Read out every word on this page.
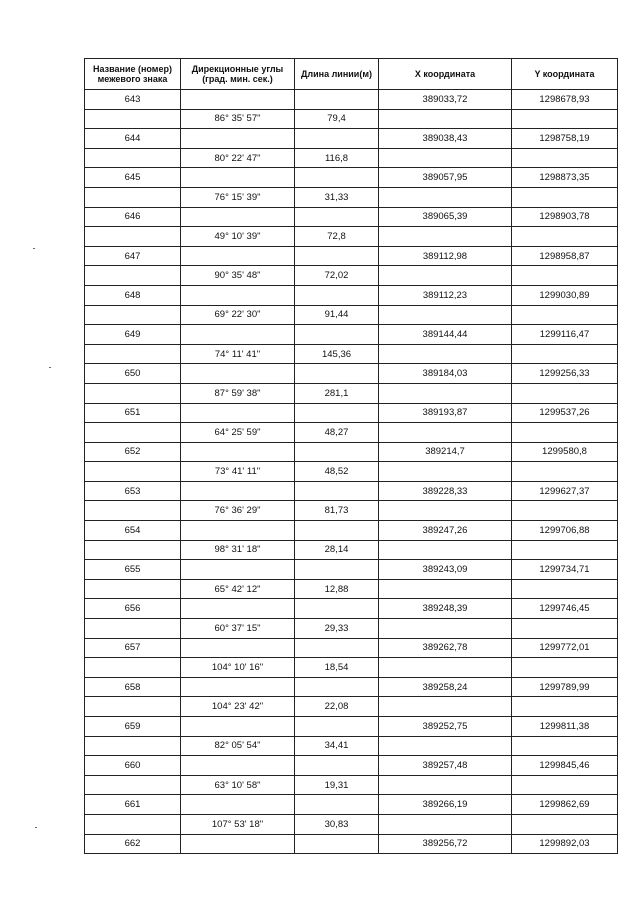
Название (номер) межевого знака	Дирекционные углы (град. мин. сек.)	Длина линии(м)	X координата	Y координата
643			389033,72	1298678,93
	86° 35' 57"	79,4		
644			389038,43	1298758,19
	80° 22' 47"	116,8		
645			389057,95	1298873,35
	76° 15' 39"	31,33		
646			389065,39	1298903,78
	49° 10' 39"	72,8		
647			389112,98	1298958,87
	90° 35' 48"	72,02		
648			389112,23	1299030,89
	69° 22' 30"	91,44		
649			389144,44	1299116,47
	74° 11' 41"	145,36		
650			389184,03	1299256,33
	87° 59' 38"	281,1		
651			389193,87	1299537,26
	64° 25' 59"	48,27		
652			389214,7	1299580,8
	73° 41' 11"	48,52		
653			389228,33	1299627,37
	76° 36' 29"	81,73		
654			389247,26	1299706,88
	98° 31' 18"	28,14		
655			389243,09	1299734,71
	65° 42' 12"	12,88		
656			389248,39	1299746,45
	60° 37' 15"	29,33		
657			389262,78	1299772,01
	104° 10' 16"	18,54		
658			389258,24	1299789,99
	104° 23' 42"	22,08		
659			389252,75	1299811,38
	82° 05' 54"	34,41		
660			389257,48	1299845,46
	63° 10' 58"	19,31		
661			389266,19	1299862,69
	107° 53' 18"	30,83		
662			389256,72	1299892,03
